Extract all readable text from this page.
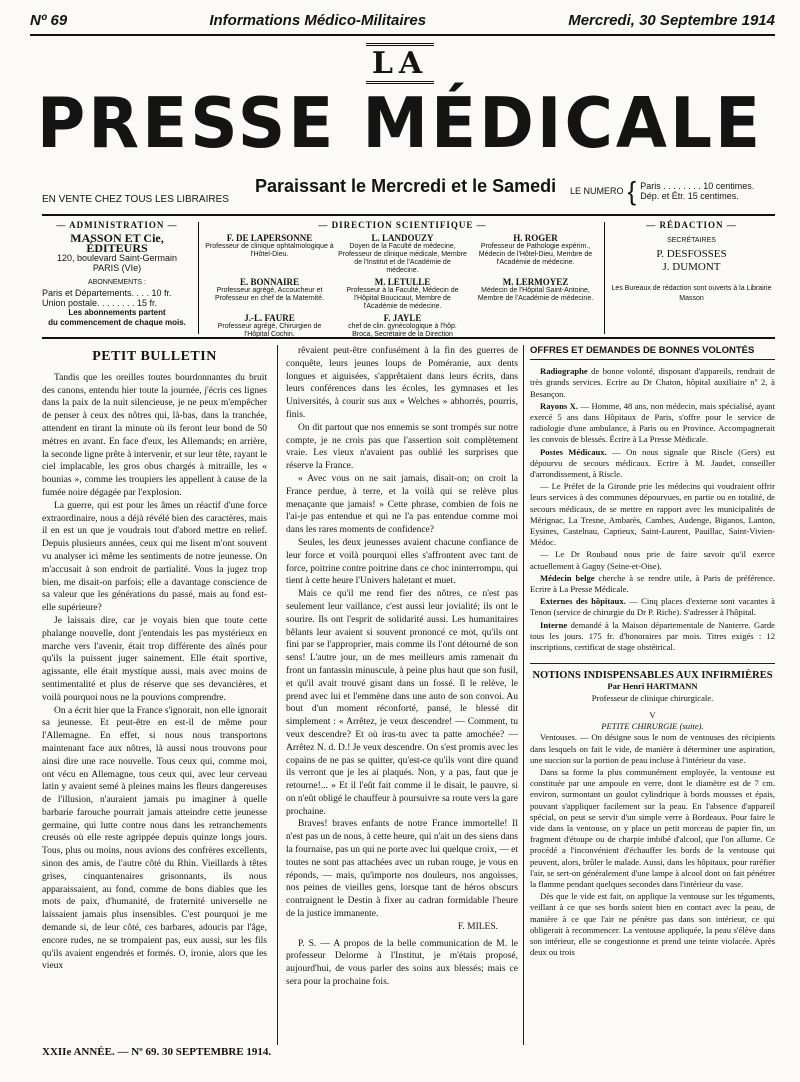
Nº 69	Informations Médico-Militaires	Mercredi, 30 Septembre 1914
LA
PRESSE MÉDICALE
Paraissant le Mercredi et le Samedi
EN VENTE CHEZ TOUS LES LIBRAIRES
LE NUMERO { Paris . . . . . . . . 10 centimes.
Dép. et Étr. 15 centimes.
— ADMINISTRATION —
MASSON ET Cie, ÉDITEURS
120, boulevard Saint-Germain
PARIS (VIe)
ABONNEMENTS :
Paris et Départements. . . . 10 fr.
Union postale. . . . . . . . 15 fr.
Les abonnements partent
du commencement de chaque mois.
— DIRECTION SCIENTIFIQUE —
F. DE LAPERSONNE
Professeur de clinique ophtalmologique à l'Hôtel-Dieu.
L. LANDOUZY
Doyen de la Faculté de médecine, Professeur de clinique médicale, Membre de l'Institut et de l'Académie de médecine.
H. ROGER
Professeur de Pathologie expérim., Médecin de l'Hôtel-Dieu, Membre de l'Académie de médecine.
E. BONNAIRE
Professeur agrégé, Accoucheur et Professeur en chef de la Maternité.
M. LETULLE
Professeur à la Faculté, Médecin de l'Hôpital Boucicaut, Membre de l'Académie de médecine.
M. LERMOYEZ
Médecin de l'Hôpital Saint-Antoine, Membre de l'Académie de médecine.
J.-L. FAURE
Professeur agrégé, Chirurgien de l'Hôpital Cochin.
F. JAYLE
chef de clin. gynécologique à l'hôp. Broca, Secrétaire de la Direction
— RÉDACTION —
SECRÉTAIRES
P. DESFOSSES
J. DUMONT
Les Bureaux de rédaction sont ouverts à la Librairie Masson
PETIT BULLETIN

Tandis que les oreilles toutes bourdonnantes du bruit des canons, entendu hier toute la journée, j'écris ces lignes dans la paix de la nuit silencieuse, je ne peux m'empêcher de penser à ceux des nôtres qui, là-bas, dans la tranchée, attendent en tirant la minute où ils feront leur bond de 50 mètres en avant. En face d'eux, les Allemands; en arrière, la seconde ligne prête à intervenir, et sur leur tête, rayant le ciel implacable, les gros obus chargés à mitraille, les « bounias », comme les troupiers les appellent à cause de la fumée noire dégagée par l'explosion.

La guerre, qui est pour les âmes un réactif d'une force extraordinaire, nous a déjà révélé bien des caractères, mais il en est un que je voudrais tout d'abord mettre en relief. Depuis plusieurs années, ceux qui me lisent m'ont souvent vu analyser ici même les sentiments de notre jeunesse. On m'accusait à son endroit de partialité. Vous la jugez trop bien, me disait-on parfois; elle a davantage conscience de sa valeur que les générations du passé, mais au fond est-elle supérieure?

Je laissais dire, car je voyais bien que toute cette phalange nouvelle, dont j'entendais les pas mystérieux en marche vers l'avenir, était trop différente des aînés pour qu'ils la puissent juger sainement. Elle était sportive, agissante, elle était mystique aussi, mais avec moins de sentimentalité et plus de réserve que ses devancières, et voilà pourquoi nous ne la pouvions comprendre.

On a écrit hier que la France s'ignorait, non elle ignorait sa jeunesse. Et peut-être en est-il de même pour l'Allemagne. En effet, si nous nous transportons maintenant face aux nôtres, là aussi nous trouvons pour ainsi dire une race nouvelle. Tous ceux qui, comme moi, ont vécu en Allemagne, tous ceux qui, avec leur cerveau latin y avaient semé à pleines mains les fleurs dangereuses de l'illusion, n'auraient jamais pu imaginer à quelle barbarie farouche pourrait jamais atteindre cette jeunesse germaine, qui lutte contre nous dans les retranchements creusés où elle reste agrippée depuis quinze longs jours. Tous, plus ou moins, nous avions des confrères excellents, sinon des amis, de l'autre côté du Rhin. Vieillards à têtes grises, cinquantenaires grisonnants, ils nous apparaissaient, au fond, comme de bons diables que les mots de paix, d'humanité, de fraternité universelle ne laissaient jamais plus insensibles. C'est pourquoi je me demande si, de leur côté, ces barbares, adoucis par l'âge, encore rudes, ne se trompaient pas, eux aussi, sur les fils qu'ils avaient engendrés et formés. O, ironie, alors que les vieux

rêvaient peut-être confusément à la fin des guerres de conquête, leurs jeunes loups de Poméranie, aux dents longues et aiguisées, s'apprêtaient dans leurs écrits, dans leurs conférences dans les écoles, les gymnases et les Universités, à courir sus aux « Welches » abhorrés, pourris, finis.

On dit partout que nos ennemis se sont trompés sur notre compte, je ne crois pas que l'assertion soit complètement vraie. Les vieux n'avaient pas oublié les surprises que réserve la France.

« Avec vous on ne sait jamais, disait-on; on croit la France perdue, à terre, et la voilà qui se relève plus menaçante que jamais! » Cette phrase, combien de fois ne l'ai-je pas entendue et qui ne l'a pas entendue comme moi dans les rares moments de confidence?

Seules, les deux jeunesses avaient chacune confiance de leur force et voilà pourquoi elles s'affrontent avec tant de force, poitrine contre poitrine dans ce choc ininterrompu, qui tient à cette heure l'Univers haletant et muet.

Mais ce qu'il me rend fier des nôtres, ce n'est pas seulement leur vaillance, c'est aussi leur jovialité; ils ont le sourire. Ils ont l'esprit de solidarité aussi. Les humanitaires bêlants leur avaient si souvent prononcé ce mot, qu'ils ont fini par se l'approprier, mais comme ils l'ont détourné de son sens! L'autre jour, un de mes meilleurs amis ramenait du front un fantassin minuscule, à peine plus haut que son fusil, et qu'il avait trouvé gisant dans un fossé. Il le relève, le prend avec lui et l'emmène dans une auto de son convoi. Au bout d'un moment réconforté, pansé, le blessé dit simplement : « Arrêtez, je veux descendre! — Comment, tu veux descendre? Et où iras-tu avec ta patte amochée? — Arrêtez N. d. D.! Je veux descendre. On s'est promis avec les copains de ne pas se quitter, qu'est-ce qu'ils vont dire quand ils verront que je les ai plaqués. Non, y a pas, faut que je retourne!... » Et il l'eût fait comme il le disait, le pauvre, si on n'eût obligé le chauffeur à poursuivre sa route vers la gare prochaine.

Braves! braves enfants de notre France immortelle! Il n'est pas un de nous, à cette heure, qui n'ait un des siens dans la fournaise, pas un qui ne porte avec lui quelque croix, — et toutes ne sont pas attachées avec un ruban rouge, je vous en réponds, — mais, qu'importe nos douleurs, nos angoisses, nos peines de vieilles gens, lorsque tant de héros obscurs contraignent le Destin à fixer au cadran formidable l'heure de la justice immanente.

F. MILES.

P. S. — A propos de la belle communication de M. le professeur Delorme à l'Institut, je m'étais proposé, aujourd'hui, de vous parler des soins aux blessés; mais ce sera pour la prochaine fois.

OFFRES ET DEMANDES DE BONNES VOLONTÉS

Radiographe de bonne volonté, disposant d'appareils, rendrait de très grands services. Ecrire au Dr Chaton, hôpital auxiliaire nº 2, à Besançon.

Rayons X. — Homme, 48 ans, non médecin, mais spécialisé, ayant exercé 5 ans dans Hôpitaux de Paris, s'offre pour le service de radiologie d'une ambulance, à Paris ou en Province. Accompagnerait les convois de blessés. Écrire à La Presse Médicale.

Postes Médicaux. — On nous signale que Riscle (Gers) est dépourvu de secours médicaux. Ecrire à M. Jaudet, conseiller d'arrondissement, à Riscle.

— Le Préfet de la Gironde prie les médecins qui voudraient offrir leurs services à des communes dépourvues, en partie ou en totalité, de secours médicaux, de se mettre en rapport avec les municipalités de Mérignac, La Tresne, Ambarès, Cambes, Audenge, Biganos, Lanton, Eysines, Castelnau, Captieux, Saint-Laurent, Pauillac, Saint-Vivien-Médoc.

— Le Dr Roubaud nous prie de faire savoir qu'il exerce actuellement à Gagny (Seine-et-Oise).

Médecin belge cherche à se rendre utile, à Paris de préférence. Ecrire à La Presse Médicale.

Externes des hôpitaux. — Cinq places d'externe sont vacantes à Tenon (service de chirurgie du Dr P. Riche). S'adresser à l'hôpital.

Interne demandé à la Maison départementale de Nanterre. Garde tous les jours. 175 fr. d'honoraires par mois. Titres exigés : 12 inscriptions, certificat de stage obstétrical.

NOTIONS INDISPENSABLES AUX INFIRMIÈRES
Par Henri HARTMANN
Professeur de clinique chirurgicale.
V
PETITE CHIRURGIE (suite).

Ventouses. — On désigne sous le nom de ventouses des récipients dans lesquels on fait le vide, de manière à déterminer une aspiration, une succion sur la portion de peau incluse à l'intérieur du vase.

Dans sa forme la plus communément employée, la ventouse est constituée par une ampoule en verre, dont le diamètre est de 7 cm. environ, surmontant un goulot cylindrique à bords mousses et épais, pouvant s'appliquer facilement sur la peau. En l'absence d'appareil spécial, on peut se servir d'un simple verre à Bordeaux. Pour faire le vide dans la ventouse, on y place un petit morceau de papier fin, un fragment d'étoupe ou de charpie imbibé d'alcool, que l'on allume. Ce procédé a l'inconvénient d'échauffer les bords de la ventouse qui peuvent, alors, brûler le malade. Aussi, dans les hôpitaux, pour raréfier l'air, se sert-on généralement d'une lampe à alcool dont on fait pénétrer la flamme pendant quelques secondes dans l'intérieur du vase.

Dès que le vide est fait, on applique la ventouse sur les téguments, veillant à ce que ses bords soient bien en contact avec la peau, de manière à ce que l'air ne pénètre pas dans son intérieur, ce qui obligerait à recommencer. La ventouse appliquée, la peau s'élève dans son intérieur, elle se congestionne et prend une teinte violacée. Après deux ou trois

XXIIe ANNÉE. — Nº 69. 30 SEPTEMBRE 1914.
